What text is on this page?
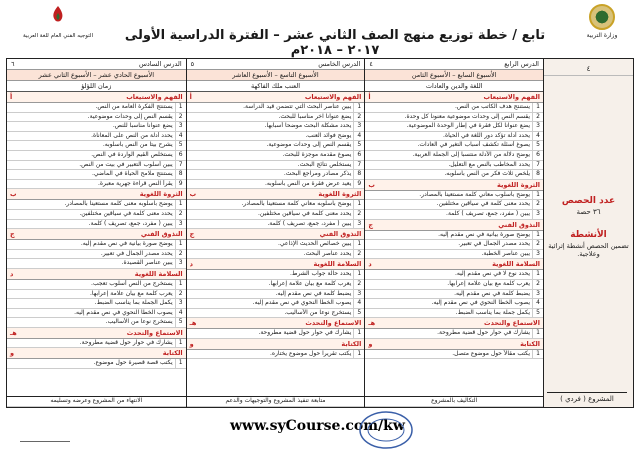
وزارة التربية
التوجيه الفني العام للغة العربية	تابع / خطة توزيع منهج الصف الثاني عشر – الفترة الدراسية الأولى ٢٠١٧ – ٢٠١٨م
٤
عدد الحصص
٣٦ حصة
الأنشطة
تضمين الحصص أنشطة إثرائية وعلاجية.
الدرس الرابع
٤
الأسبوع السابع – الأسبوع الثامن
اللغة والدين والعادات
الفهم والاستيعاب
أ
1
يستنتج هدف الكاتب من النص.
2
يقسم النص إلى وحدات موضوعية معنوناً كل وحدة.
3
يضع عنواناً لكل فقرة في إطار الوحدة الموضوعية.
4
يحدد أدلة تؤكد دور اللغة في الحياة.
5
يصوغ أسئلة تكشف أسباب التغير في العادات.
6
يوضح دلالة من الأدلة منتسباً إلى الجملة العربية.
7
يحدد المخاطب بالنص مع التعليل.
8
يلخص ثلاث فكر من النص بأسلوبه.
الثروة اللغوية
ب
1
يوضح بأسلوب معاني كلمة مستعيناً بالمصادر.
2
يحدد معنى كلمة في سياقين مختلفين.
3
يبين ( مفرد، جمع، تصريف ) كلمة.
التذوق الفني
ج
1
يوضح صورة بيانية في نص مقدم إليه.
2
يحدد مصدر الجمال في تعبير.
3
يبين عناصر الخطبة.
السلامة اللغوية
د
1
يحدد نوع لا في نص مقدم إليه.
2
يعرب كلمة مع بيان علامة إعرابها.
3
يضبط كلمة في نص مقدم إليه.
4
يصوب الخطأ النحوي في نص مقدم إليه.
5
يكمل جملة بما يناسب الضبط.
الاستماع والتحدث
هـ
1
يشارك في حوار حول قضية مطروحة.
الكتابة
و
1
يكتب مقالاً حول موضوع متصل.
التكاليف بالمشروع
الدرس الخامس
٥
الأسبوع التاسع – الأسبوع العاشر
العنب ملك الفاكهة
الفهم والاستيعاب
أ
1
يبين عناصر البحث التي تتضمن قيد الدراسة.
2
يضع عنواناً آخر مناسباً للبحث.
3
يحدد مشكلة البحث موضحاً أسبابها.
4
يوضح فوائد العنب.
5
يقسم النص إلى وحدات موضوعية.
6
يصوغ مقدمة موجزة للبحث.
7
يستخلص نتائج البحث.
8
يذكر مصادر ومراجع البحث.
9
يعيد عرض فقرة من النص بأسلوبه.
الثروة اللغوية
ب
1
يوضح بأسلوبه معاني كلمة مستعيناً بالمصادر.
2
يحدد معنى كلمة في سياقين مختلفين.
3
يبين ( مفرد، جمع، تصريف ) كلمة.
التذوق الفني
ج
1
يبين خصائص الحديث الإذاعي.
2
يحدد عناصر البحث.
السلامة اللغوية
د
1
يحدد حالة جواب الشرط.
2
يعرب كلمة مع بيان علامة إعرابها.
3
يضبط كلمة في نص مقدم إليه.
4
يصوب الخطأ النحوي في نص مقدم إليه.
5
يستخرج نوعاً من الأساليب.
الاستماع والتحدث
هـ
1
يشارك في حوار حول قضية مطروحة.
الكتابة
و
1
يكتب تقريراً حول موضوع يختاره.
متابعة تنفيذ المشروع والتوجيهات والدعم
الدرس السادس
٦
الأسبوع الحادي عشر – الأسبوع الثاني عشر
زمان اللؤلؤ
الفهم والاستيعاب
أ
1
يستنتج الفكرة العامة من النص.
2
يقسم النص إلى وحدات موضوعية.
3
يضع عنواناً مناسباً للنص.
4
يحدد أدلة من النص على المعاناة.
5
يشرح بيتاً من النص بأسلوبه.
6
يستخلص القيم الواردة في النص.
7
يبين أسلوب التعبير في بيت من النص.
8
يستنتج ملامح الحياة في الماضي.
9
يقرأ النص قراءة جهرية معبرة.
الثروة اللغوية
ب
1
يوضح بأسلوبه معنى كلمة مستعيناً بالمصادر.
2
يحدد معنى كلمة في سياقين مختلفين.
3
يبين ( مفرد، جمع، تصريف ) كلمة.
التذوق الفني
ج
1
يوضح صورة بيانية في نص مقدم إليه.
2
يحدد مصدر الجمال في تعبير.
3
يبين عناصر القصيدة.
السلامة اللغوية
د
1
يستخرج من النص أسلوب تعجب.
2
يعرب كلمة مع بيان علامة إعرابها.
3
يكمل الجملة بما يناسب الضبط.
4
يصوب الخطأ النحوي في نص مقدم إليه.
5
يستخرج نوعاً من الأساليب.
الاستماع والتحدث
هـ
1
يشارك في حوار حول قضية مطروحة.
الكتابة
و
1
يكتب قصة قصيرة حول موضوع.
الانتهاء من المشروع وعرضه وتسليمه	المشروع ( فردي )
www.syCourse.com/kw
